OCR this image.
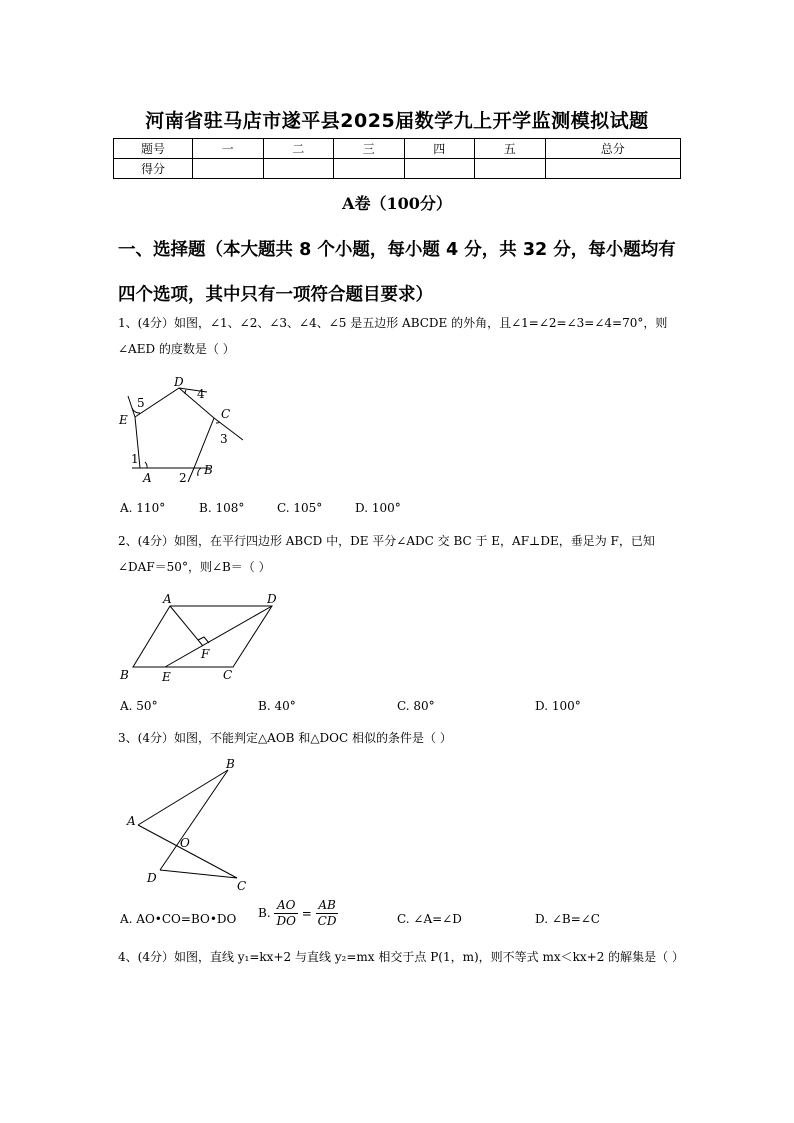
河南省驻马店市遂平县2025届数学九上开学监测模拟试题
题号	一	二	三	四	五	总分
得分						
A卷（100分）
一、选择题（本大题共 8 个小题，每小题 4 分，共 32 分，每小题均有四个选项，其中只有一项符合题目要求）
1、(4分）如图，∠1、∠2、∠3、∠4、∠5 是五边形 ABCDE 的外角，且∠1=∠2=∠3=∠4=70°，则∠AED 的度数是（ ）
D
4
5
C
E
3
1
A 2
B
A. 110°	B. 108°	C. 105°	D. 100°
2、(4分）如图，在平行四边形 ABCD 中，DE 平分∠ADC 交 BC 于 E，AF⊥DE，垂足为 F，已知∠DAF＝50°，则∠B＝（ ）
A	D
F
B	E	C
A. 50°	B. 40°	C. 80°	D. 100°
3、(4分）如图，不能判定△AOB 和△DOC 相似的条件是（ ）
B
A
O
D
C
A. AO•CO=BO•DO B. $\frac{AO}{DO} = \frac{AB}{CD}$	C. ∠A=∠D	D. ∠B=∠C
4、(4分）如图，直线 y₁=kx+2 与直线 y₂=mx 相交于点 P(1，m)，则不等式 mx＜kx+2 的解集是（ ）
